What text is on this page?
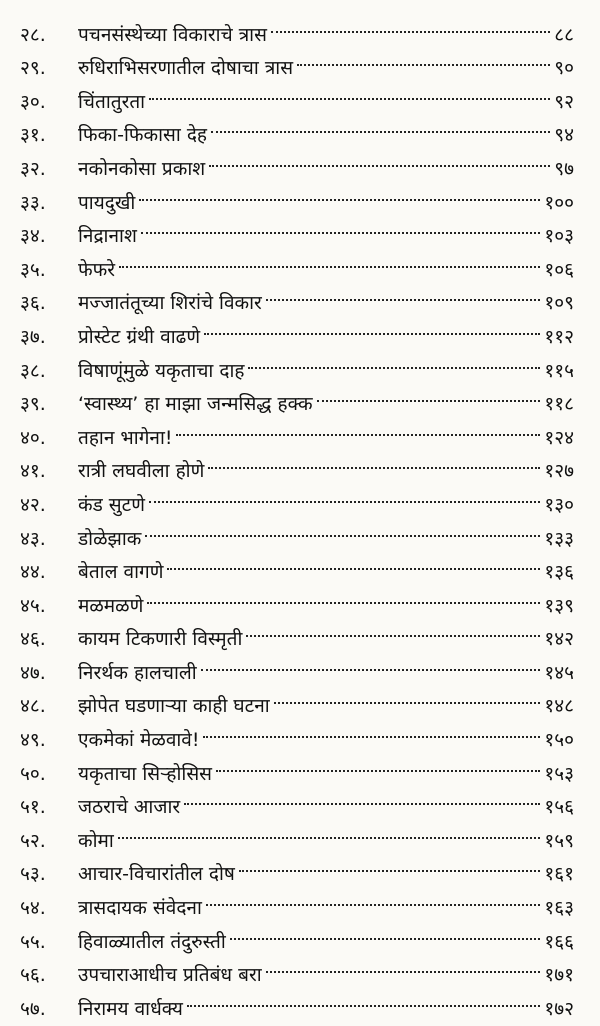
२८.	पचनसंस्थेच्या विकाराचे त्रास	८८
२९.	रुधिराभिसरणातील दोषाचा त्रास	९०
३०.	चिंतातुरता	९२
३१.	फिका-फिकासा देह	९४
३२.	नकोनकोसा प्रकाश	९७
३३.	पायदुखी	१००
३४.	निद्रानाश	१०३
३५.	फेफरे	१०६
३६.	मज्जातंतूच्या शिरांचे विकार	१०९
३७.	प्रोस्टेट ग्रंथी वाढणे	११२
३८.	विषाणूंमुळे यकृताचा दाह	११५
३९.	‘स्वास्थ्य’ हा माझा जन्मसिद्ध हक्क	११८
४०.	तहान भागेना!	१२४
४१.	रात्री लघवीला होणे	१२७
४२.	कंड सुटणे	१३०
४३.	डोळेझाक	१३३
४४.	बेताल वागणे	१३६
४५.	मळमळणे	१३९
४६.	कायम टिकणारी विस्मृती	१४२
४७.	निरर्थक हालचाली	१४५
४८.	झोपेत घडणाऱ्या काही घटना	१४८
४९.	एकमेकां मेळवावे!	१५०
५०.	यकृताचा सिऱ्होसिस	१५३
५१.	जठराचे आजार	१५६
५२.	कोमा	१५९
५३.	आचार-विचारांतील दोष	१६१
५४.	त्रासदायक संवेदना	१६३
५५.	हिवाळ्यातील तंदुरुस्ती	१६६
५६.	उपचाराआधीच प्रतिबंध बरा	१७१
५७.	निरामय वार्धक्य	१७२
